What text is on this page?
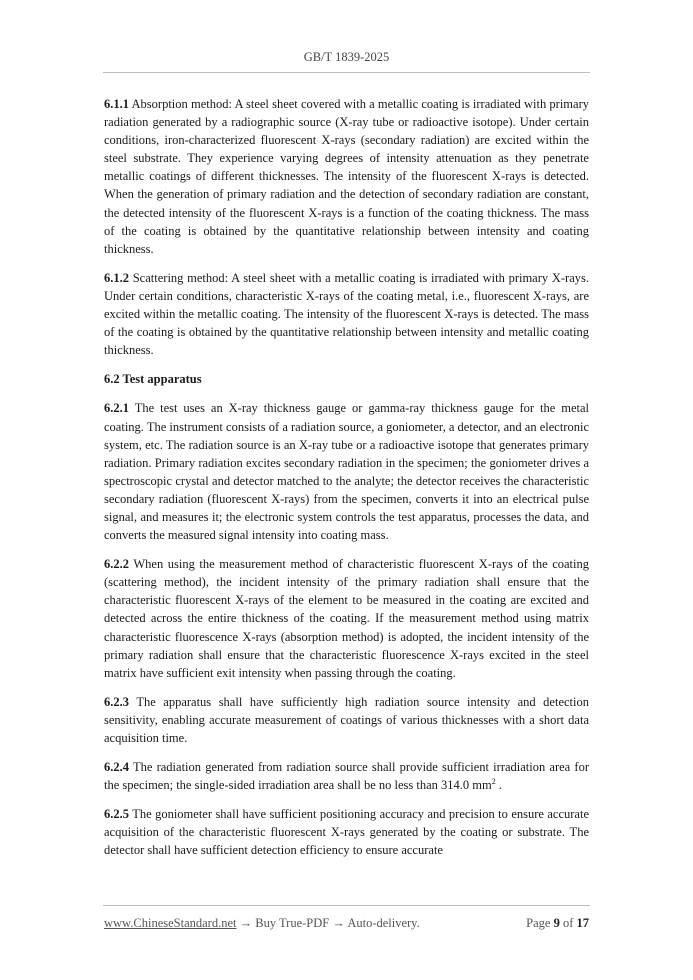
GB/T 1839-2025

6.1.1 Absorption method: A steel sheet covered with a metallic coating is irradiated with primary radiation generated by a radiographic source (X-ray tube or radioactive isotope). Under certain conditions, iron-characterized fluorescent X-rays (secondary radiation) are excited within the steel substrate. They experience varying degrees of intensity attenuation as they penetrate metallic coatings of different thicknesses. The intensity of the fluorescent X-rays is detected. When the generation of primary radiation and the detection of secondary radiation are constant, the detected intensity of the fluorescent X-rays is a function of the coating thickness. The mass of the coating is obtained by the quantitative relationship between intensity and coating thickness.

6.1.2 Scattering method: A steel sheet with a metallic coating is irradiated with primary X-rays. Under certain conditions, characteristic X-rays of the coating metal, i.e., fluorescent X-rays, are excited within the metallic coating. The intensity of the fluorescent X-rays is detected. The mass of the coating is obtained by the quantitative relationship between intensity and metallic coating thickness.

6.2 Test apparatus

6.2.1 The test uses an X-ray thickness gauge or gamma-ray thickness gauge for the metal coating. The instrument consists of a radiation source, a goniometer, a detector, and an electronic system, etc. The radiation source is an X-ray tube or a radioactive isotope that generates primary radiation. Primary radiation excites secondary radiation in the specimen; the goniometer drives a spectroscopic crystal and detector matched to the analyte; the detector receives the characteristic secondary radiation (fluorescent X-rays) from the specimen, converts it into an electrical pulse signal, and measures it; the electronic system controls the test apparatus, processes the data, and converts the measured signal intensity into coating mass.

6.2.2 When using the measurement method of characteristic fluorescent X-rays of the coating (scattering method), the incident intensity of the primary radiation shall ensure that the characteristic fluorescent X-rays of the element to be measured in the coating are excited and detected across the entire thickness of the coating. If the measurement method using matrix characteristic fluorescence X-rays (absorption method) is adopted, the incident intensity of the primary radiation shall ensure that the characteristic fluorescence X-rays excited in the steel matrix have sufficient exit intensity when passing through the coating.

6.2.3 The apparatus shall have sufficiently high radiation source intensity and detection sensitivity, enabling accurate measurement of coatings of various thicknesses with a short data acquisition time.

6.2.4 The radiation generated from radiation source shall provide sufficient irradiation area for the specimen; the single-sided irradiation area shall be no less than 314.0 $mm^2$ .

6.2.5 The goniometer shall have sufficient positioning accuracy and precision to ensure accurate acquisition of the characteristic fluorescent X-rays generated by the coating or substrate. The detector shall have sufficient detection efficiency to ensure accurate

www.ChineseStandard.net → Buy True-PDF → Auto-delivery.	Page 9 of 17
